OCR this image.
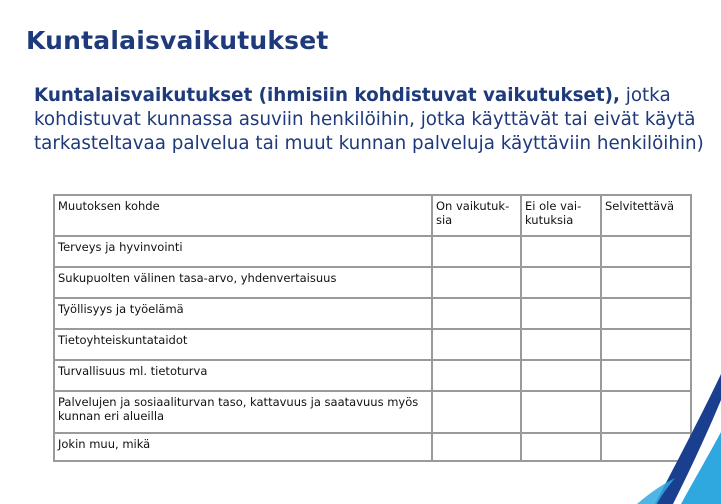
Kuntalaisvaikutukset
Kuntalaisvaikutukset (ihmisiin kohdistuvat vaikutukset), jotka kohdistuvat kunnassa asuviin henkilöihin, jotka käyttävät tai eivät käytä tarkasteltavaa palvelua tai muut kunnan palveluja käyttäviin henkilöihin)
Muutoksen kohde	On vaikutuk-sia	Ei ole vai-kutuksia	Selvitettävä
Terveys ja hyvinvointi			
Sukupuolten välinen tasa-arvo, yhdenvertaisuus			
Työllisyys ja työelämä			
Tietoyhteiskuntataidot			
Turvallisuus ml. tietoturva			
Palvelujen ja sosiaaliturvan taso, kattavuus ja saatavuus myös kunnan eri alueilla			
Jokin muu, mikä			
